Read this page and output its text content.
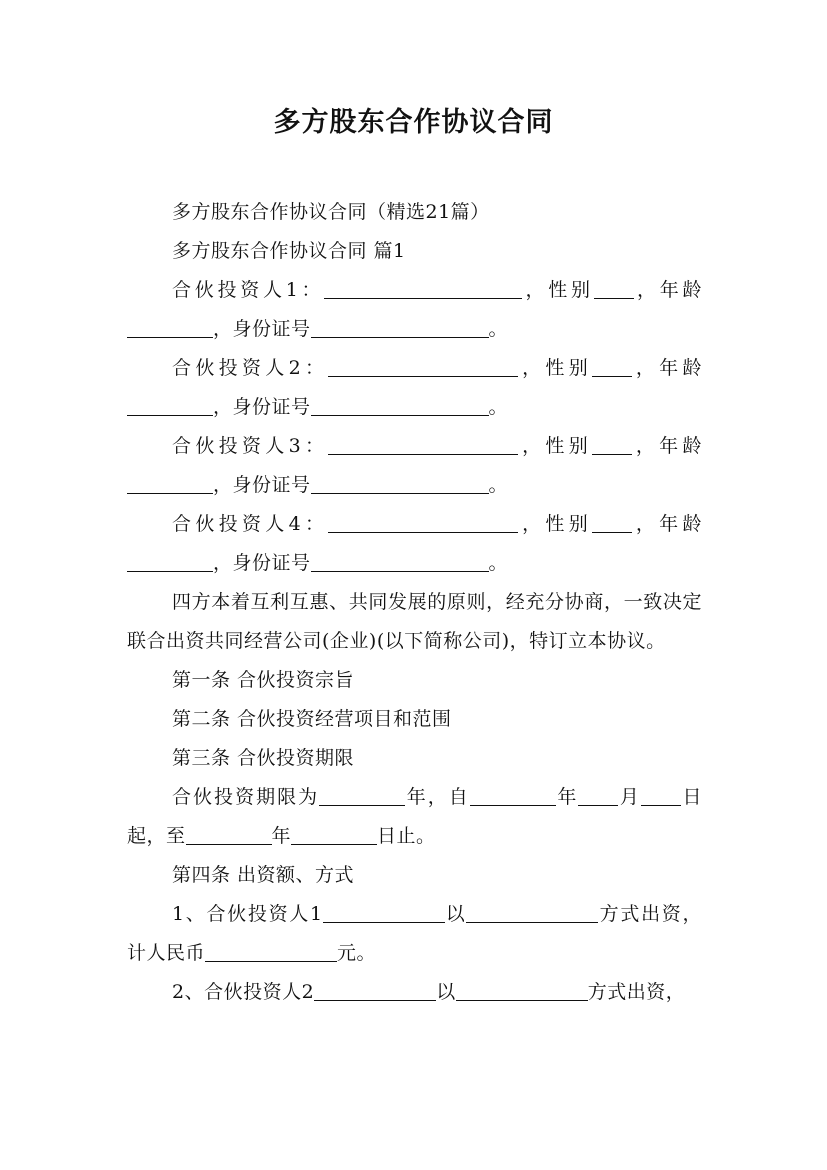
多方股东合作协议合同

多方股东合作协议合同（精选21篇）

多方股东合作协议合同 篇1

合伙投资人1：	，性别 ，年龄，身份证号	。

合伙投资人2：	，性别 ，年龄，身份证号	。

合伙投资人3：	，性别 ，年龄，身份证号	。

合伙投资人4：	，性别 ，年龄，身份证号	。

四方本着互利互惠、共同发展的原则，经充分协商，一致决定联合出资共同经营公司(企业)(以下简称公司)，特订立本协议。

第一条 合伙投资宗旨

第二条 合伙投资经营项目和范围

第三条 合伙投资期限

合伙投资期限为	年，自	年 月 日起，至	年	日止。

第四条 出资额、方式

1、合伙投资人1	以	方式出资，计人民币	元。

2、合伙投资人2	以	方式出资，
